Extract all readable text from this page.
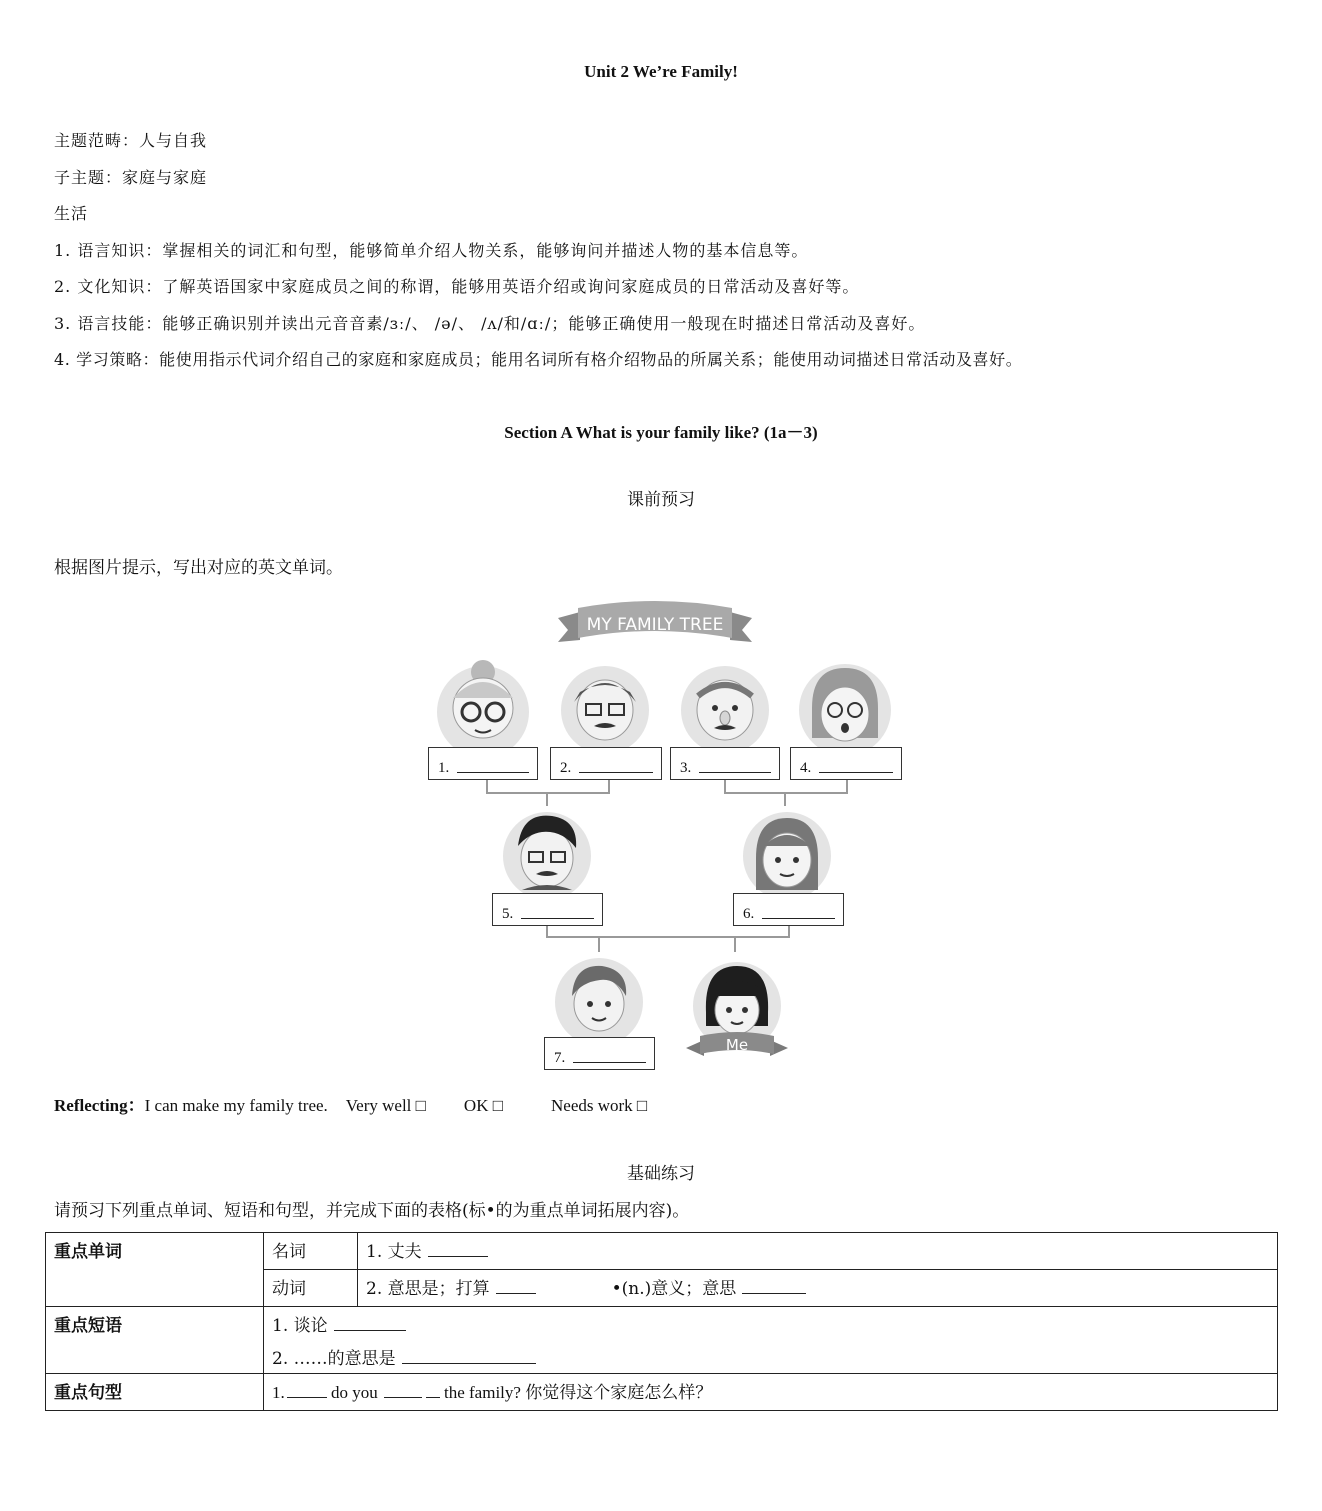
Unit 2 We’re Family!
主题范畴：人与自我
子主题：家庭与家庭
生活
1. 语言知识：掌握相关的词汇和句型，能够简单介绍人物关系，能够询问并描述人物的基本信息等。
2. 文化知识：了解英语国家中家庭成员之间的称谓，能够用英语介绍或询问家庭成员的日常活动及喜好等。
3. 语言技能：能够正确识别并读出元音音素/ɜː/、 /ə/、 /ʌ/和/ɑː/；能够正确使用一般现在时描述日常活动及喜好。
4. 学习策略：能使用指示代词介绍自己的家庭和家庭成员；能用名词所有格介绍物品的所属关系；能使用动词描述日常活动及喜好。
Section A What is your family like? (1a－3)
课前预习
根据图片提示，写出对应的英文单词。
MY FAMILY TREE
1.	2.	3.	4.
5.	6.
Me
7.
Reflecting：I can make my family tree. Very well □ OK □	Needs work □
基础练习
请预习下列重点单词、短语和句型，并完成下面的表格(标•的为重点单词拓展内容)。
重点单词	名词	1. 丈夫
	动词	2. 意思是；打算 •(n.)意义；意思
重点短语	1. 谈论
2. ……的意思是	

重点句型	1. do you the family? 你觉得这个家庭怎么样？	
